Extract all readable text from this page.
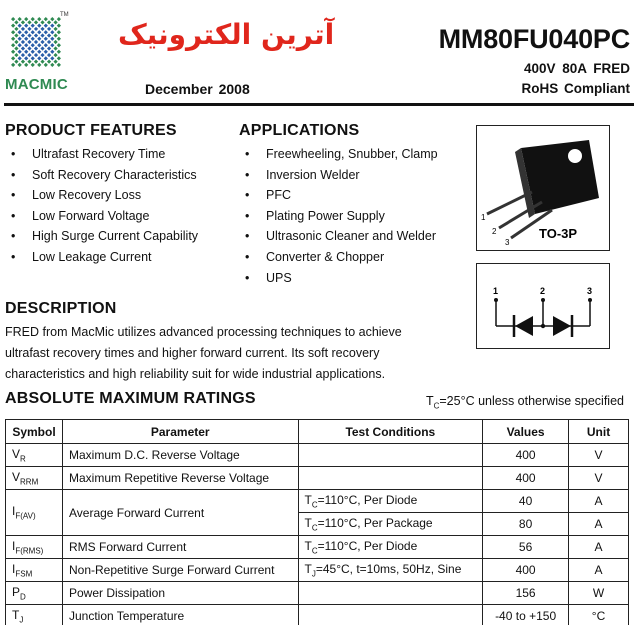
TM
MACMIC
آترین الکترونیک	MM80FU040PC
400V 80A FRED
RoHS Compliant
December 2008
PRODUCT FEATURES
• Ultrafast Recovery Time
• Soft Recovery Characteristics
• Low Recovery Loss
• Low Forward Voltage
• High Surge Current Capability
• Low Leakage Current
APPLICATIONS
• Freewheeling, Snubber, Clamp
• Inversion Welder
• PFC
• Plating Power Supply
• Ultrasonic Cleaner and Welder
• Converter & Chopper
• UPS
1
2
3
TO-3P
1	2	3
DESCRIPTION
FRED from MacMic utilizes advanced processing techniques to achieve
ultrafast recovery times and higher forward current. Its soft recovery
characteristics and high reliability suit for wide industrial applications.
ABSOLUTE MAXIMUM RATINGS	$T_C=25^\circ C$ unless otherwise specified
Symbol	Parameter	Test Conditions	Values	Unit
$V_R$	Maximum D.C. Reverse Voltage		400	V
$V_{RRM}$	Maximum Repetitive Reverse Voltage		400	V
$I_{F(AV)}$	Average Forward Current	$T_C=110^\circ C$, Per Diode	40	A
		$T_C=110^\circ C$, Per Package	80	A
$I_{F(RMS)}$	RMS Forward Current	$T_C=110^\circ C$, Per Diode	56	A
$I_{FSM}$	Non-Repetitive Surge Forward Current	$T_J=45^\circ C$, t=10ms, 50Hz, Sine	400	A
$P_D$	Power Dissipation		156	W
$T_J$	Junction Temperature		-40 to +150	°C
